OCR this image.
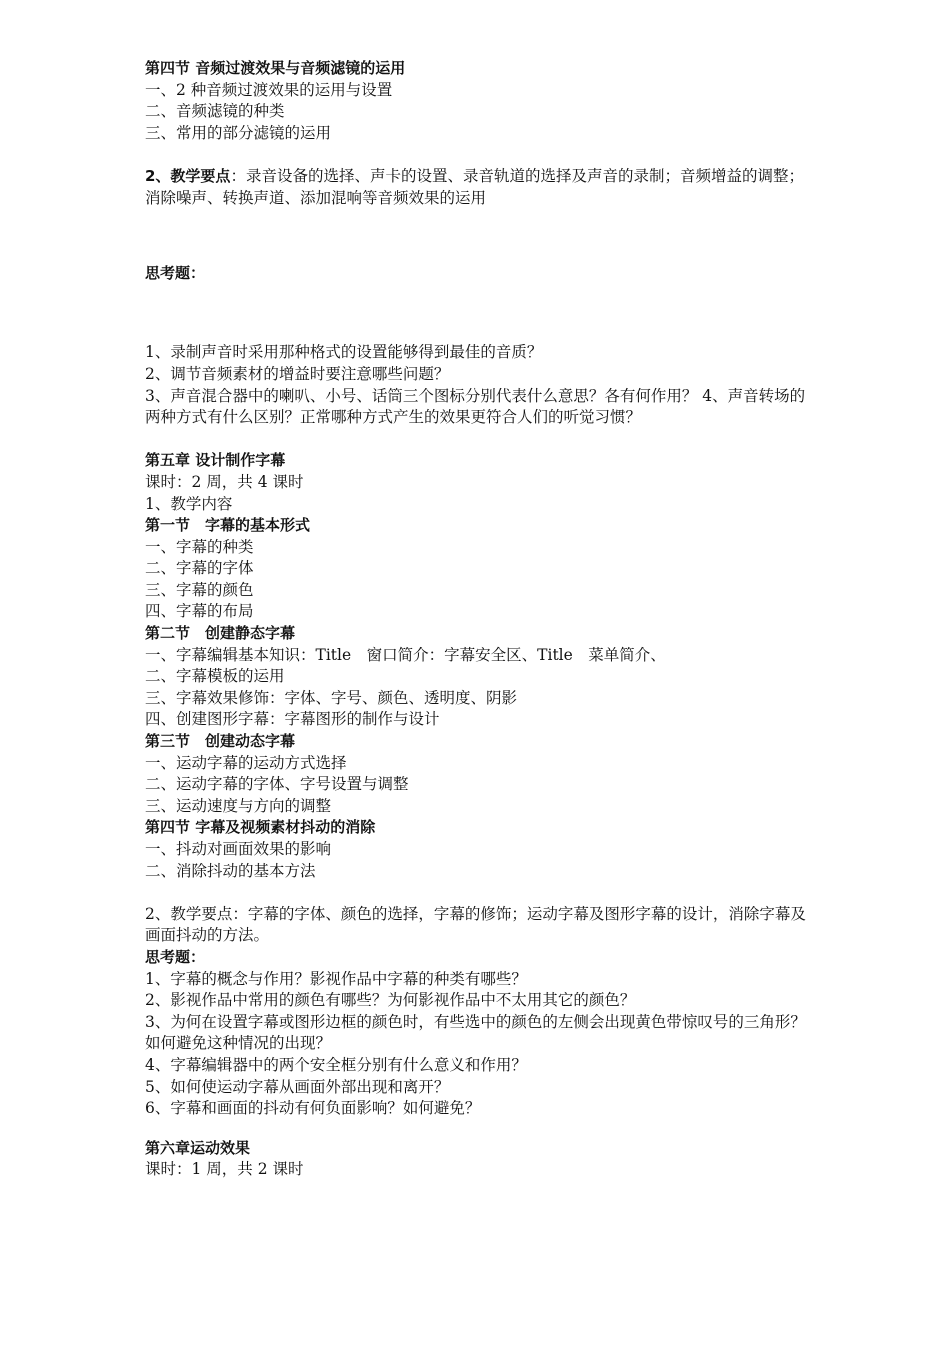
第四节 音频过渡效果与音频滤镜的运用

一、2 种音频过渡效果的运用与设置

二、音频滤镜的种类

三、常用的部分滤镜的运用

2、教学要点：录音设备的选择、声卡的设置、录音轨道的选择及声音的录制；音频增益的调整；消除噪声、转换声道、添加混响等音频效果的运用

思考题：

1、录制声音时采用那种格式的设置能够得到最佳的音质？

2、调节音频素材的增益时要注意哪些问题？

3、声音混合器中的喇叭、小号、话筒三个图标分别代表什么意思？各有何作用？ 4、声音转场的两种方式有什么区别？正常哪种方式产生的效果更符合人们的听觉习惯？

第五章 设计制作字幕

课时：2 周，共 4 课时

1、教学内容

第一节　字幕的基本形式

一、字幕的种类

二、字幕的字体

三、字幕的颜色

四、字幕的布局

第二节　创建静态字幕

一、字幕编辑基本知识：Title　窗口简介：字幕安全区、Title　菜单简介、

二、字幕模板的运用

三、字幕效果修饰：字体、字号、颜色、透明度、阴影

四、创建图形字幕：字幕图形的制作与设计

第三节　创建动态字幕

一、运动字幕的运动方式选择

二、运动字幕的字体、字号设置与调整

三、运动速度与方向的调整

第四节 字幕及视频素材抖动的消除

一、抖动对画面效果的影响

二、消除抖动的基本方法

2、教学要点：字幕的字体、颜色的选择，字幕的修饰；运动字幕及图形字幕的设计，消除字幕及画面抖动的方法。

思考题：

1、字幕的概念与作用？影视作品中字幕的种类有哪些？

2、影视作品中常用的颜色有哪些？为何影视作品中不太用其它的颜色？

3、为何在设置字幕或图形边框的颜色时，有些选中的颜色的左侧会出现黄色带惊叹号的三角形？如何避免这种情况的出现？

4、字幕编辑器中的两个安全框分别有什么意义和作用？

5、如何使运动字幕从画面外部出现和离开？

6、字幕和画面的抖动有何负面影响？如何避免？

第六章运动效果

课时：1 周，共 2 课时
